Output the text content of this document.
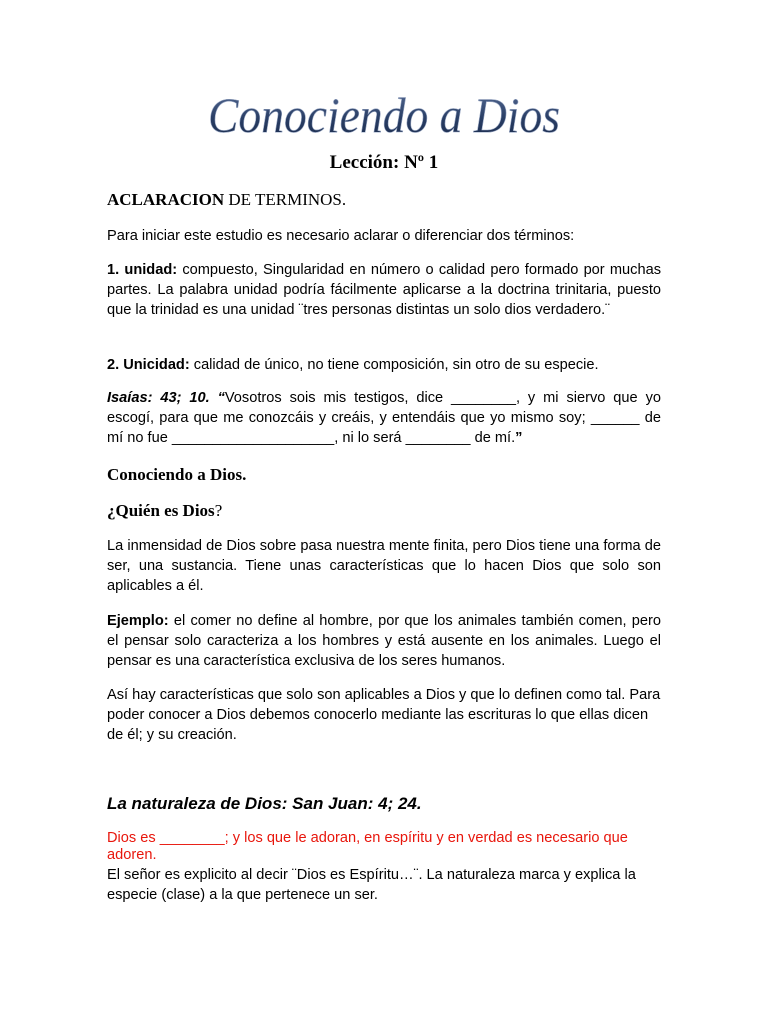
Conociendo a Dios
Lección: Nº 1
ACLARACION DE TERMINOS.
Para iniciar este estudio es necesario aclarar o diferenciar dos términos:
1. unidad: compuesto, Singularidad en número o calidad pero formado por muchas partes. La palabra unidad podría fácilmente aplicarse a la doctrina trinitaria, puesto que la trinidad es una unidad ¨tres personas distintas un solo dios verdadero.¨
2. Unicidad: calidad de único, no tiene composición, sin otro de su especie.
Isaías: 43; 10. “Vosotros sois mis testigos, dice ________, y mi siervo que yo escogí, para que me conozcáis y creáis, y entendáis que yo mismo soy; ______ de mí no fue ____________________, ni lo será ________ de mí.”
Conociendo a Dios.
¿Quién es Dios?
La inmensidad de Dios sobre pasa nuestra mente finita, pero Dios tiene una forma de ser, una sustancia. Tiene unas características que lo hacen Dios que solo son aplicables a él.
Ejemplo: el comer no define al hombre, por que los animales también comen, pero el pensar solo caracteriza a los hombres y está ausente en los animales. Luego el pensar es una característica exclusiva de los seres humanos.
Así hay características que solo son aplicables a Dios y que lo definen como tal. Para poder conocer a Dios debemos conocerlo mediante las escrituras lo que ellas dicen de él; y su creación.
La naturaleza de Dios: San Juan: 4; 24.
Dios es ________; y los que le adoran, en espíritu y en verdad es necesario que adoren.
El señor es explicito al decir ¨Dios es Espíritu…¨. La naturaleza marca y explica la especie (clase) a la que pertenece un ser.
